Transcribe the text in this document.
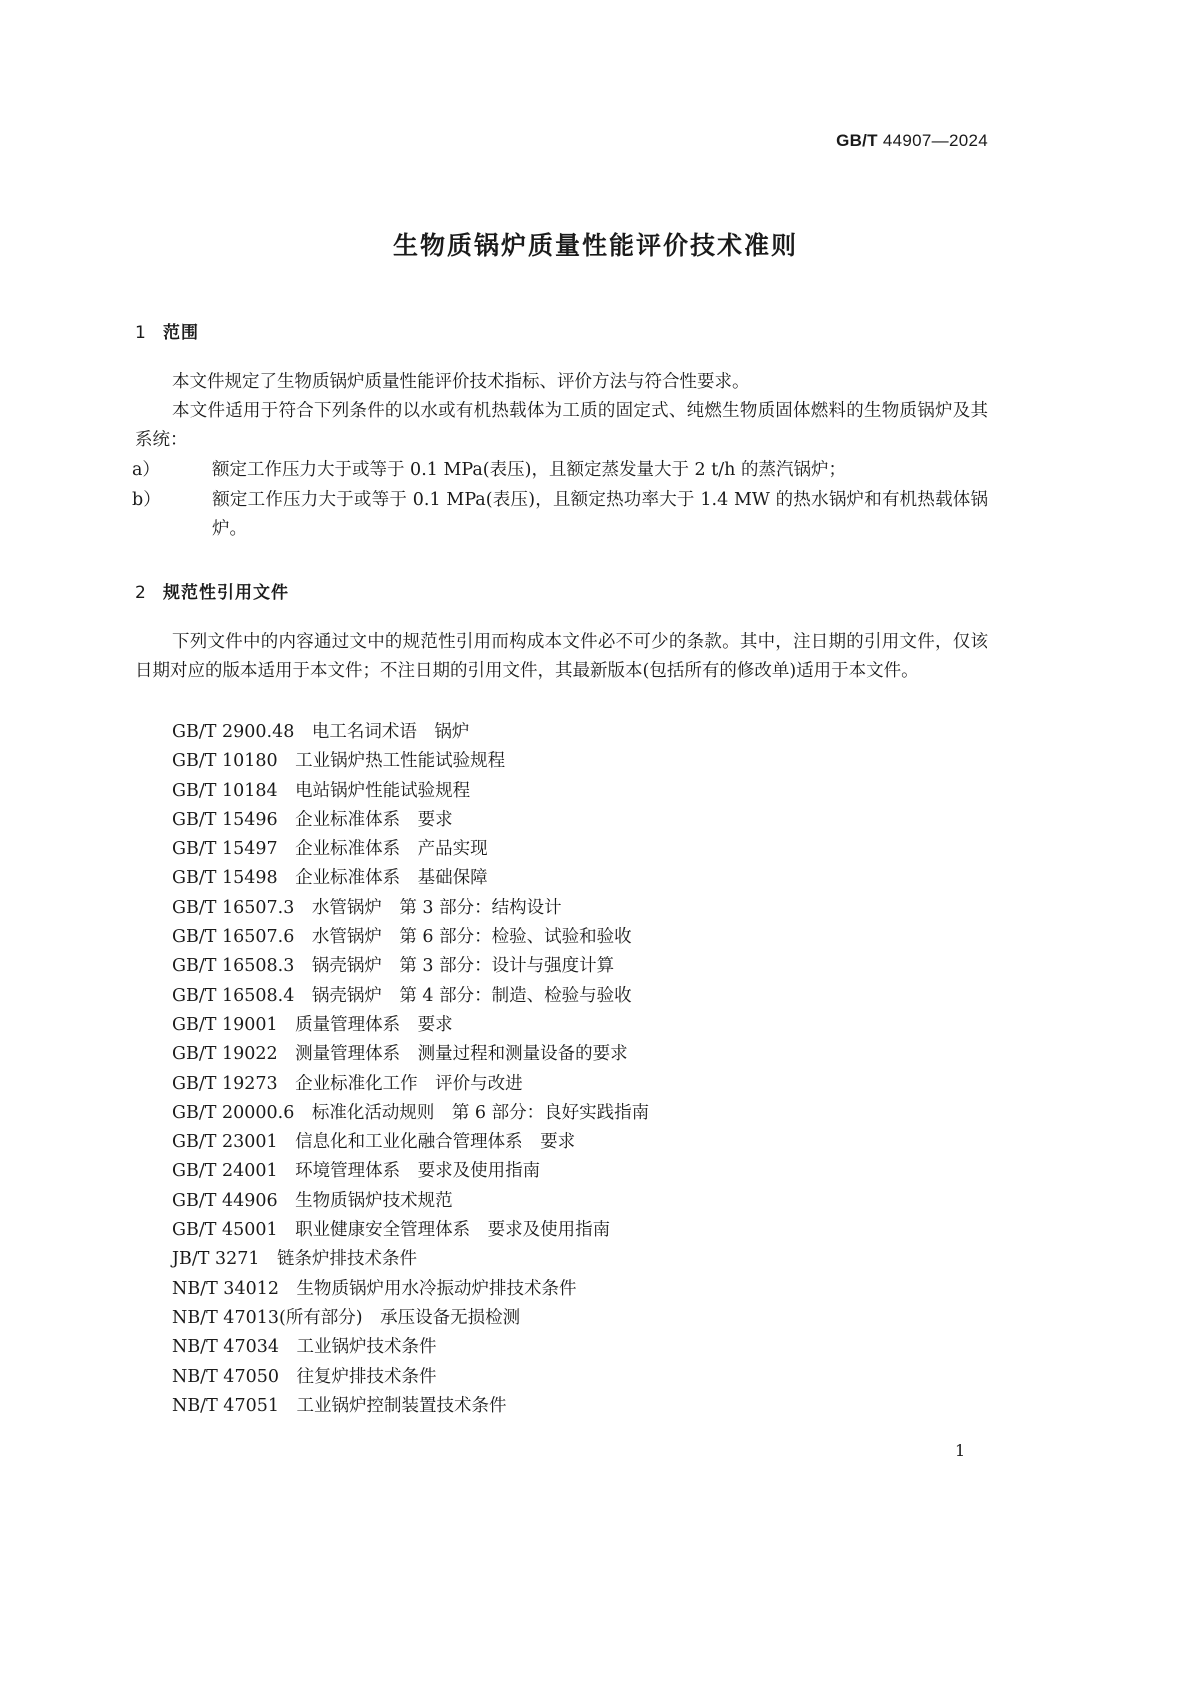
GB/T 44907—2024
生物质锅炉质量性能评价技术准则
1 范围
本文件规定了生物质锅炉质量性能评价技术指标、评价方法与符合性要求。
本文件适用于符合下列条件的以水或有机热载体为工质的固定式、纯燃生物质固体燃料的生物质锅炉及其系统：
a）	额定工作压力大于或等于 0.1 MPa(表压)，且额定蒸发量大于 2 t/h 的蒸汽锅炉；
b）	额定工作压力大于或等于 0.1 MPa(表压)，且额定热功率大于 1.4 MW 的热水锅炉和有机热载体锅炉。
2 规范性引用文件
下列文件中的内容通过文中的规范性引用而构成本文件必不可少的条款。其中，注日期的引用文件，仅该日期对应的版本适用于本文件；不注日期的引用文件，其最新版本(包括所有的修改单)适用于本文件。
GB/T 2900.48 电工名词术语　锅炉
GB/T 10180 工业锅炉热工性能试验规程
GB/T 10184 电站锅炉性能试验规程
GB/T 15496 企业标准体系　要求
GB/T 15497 企业标准体系　产品实现
GB/T 15498 企业标准体系　基础保障
GB/T 16507.3 水管锅炉　第 3 部分：结构设计
GB/T 16507.6 水管锅炉　第 6 部分：检验、试验和验收
GB/T 16508.3 锅壳锅炉　第 3 部分：设计与强度计算
GB/T 16508.4 锅壳锅炉　第 4 部分：制造、检验与验收
GB/T 19001 质量管理体系　要求
GB/T 19022 测量管理体系　测量过程和测量设备的要求
GB/T 19273 企业标准化工作　评价与改进
GB/T 20000.6 标准化活动规则　第 6 部分：良好实践指南
GB/T 23001 信息化和工业化融合管理体系　要求
GB/T 24001 环境管理体系　要求及使用指南
GB/T 44906 生物质锅炉技术规范
GB/T 45001 职业健康安全管理体系　要求及使用指南
JB/T 3271 链条炉排技术条件
NB/T 34012 生物质锅炉用水冷振动炉排技术条件
NB/T 47013(所有部分) 承压设备无损检测
NB/T 47034 工业锅炉技术条件
NB/T 47050 往复炉排技术条件
NB/T 47051 工业锅炉控制装置技术条件
1
